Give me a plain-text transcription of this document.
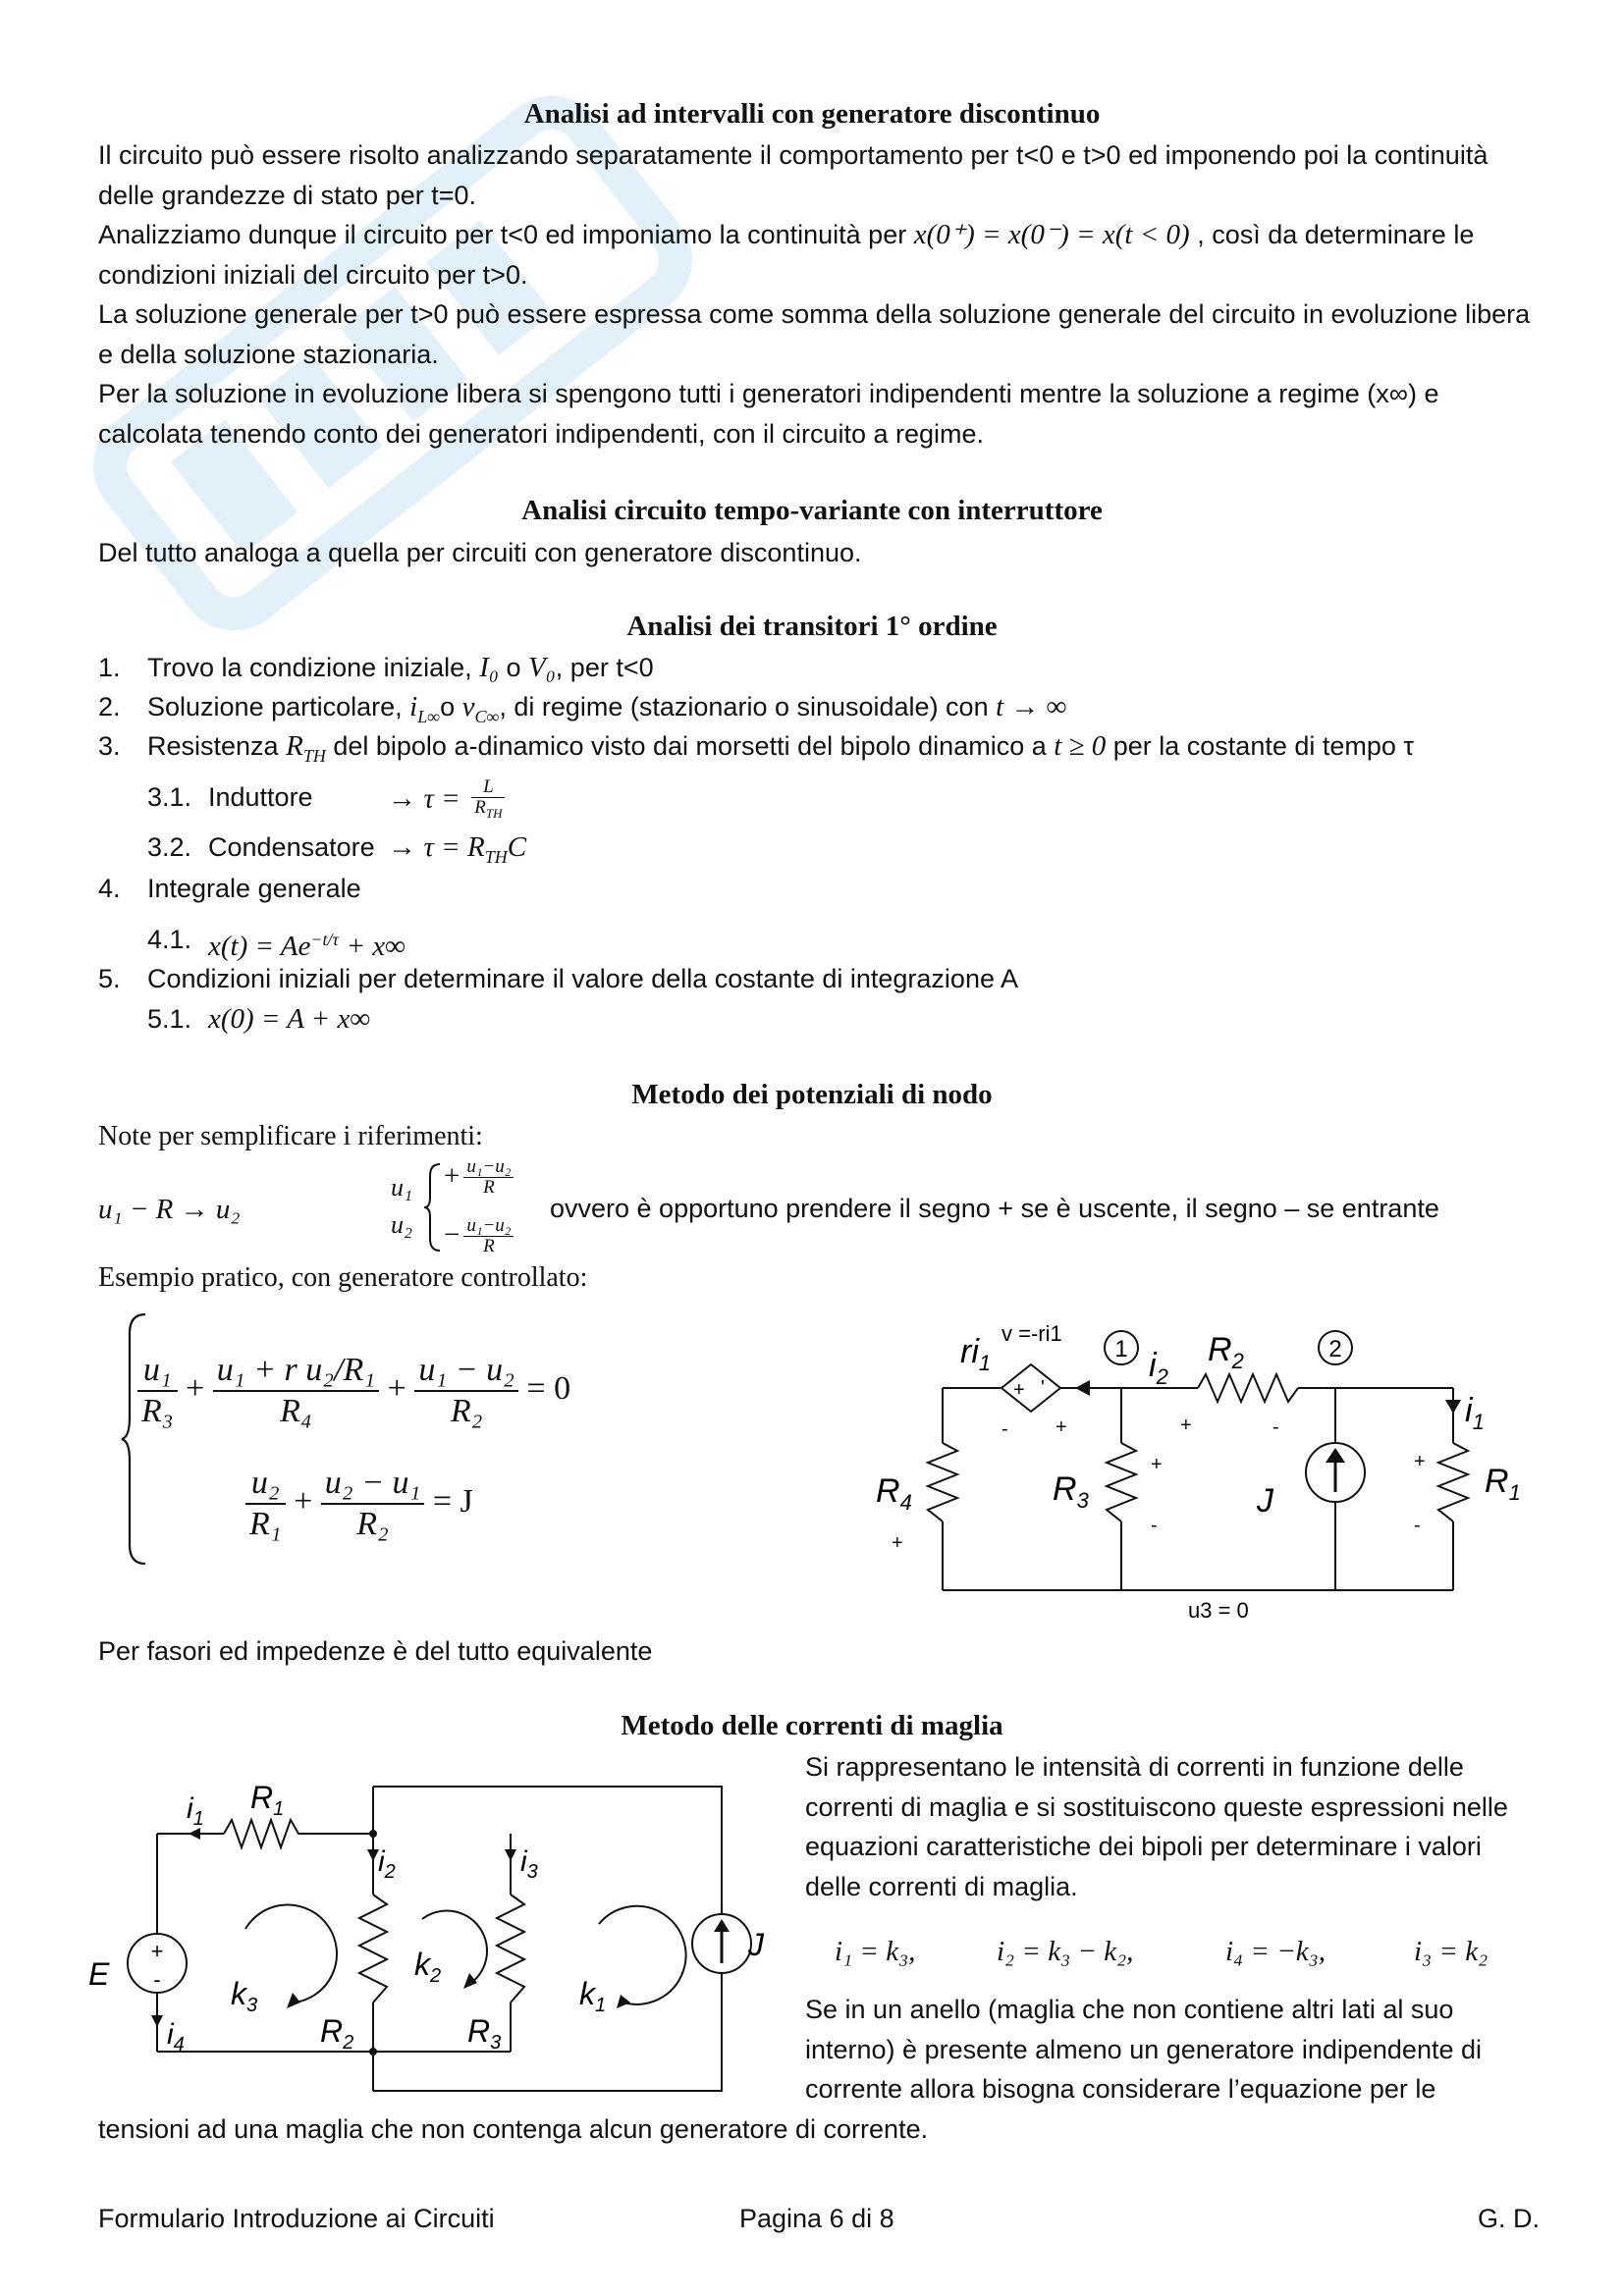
Analisi ad intervalli con generatore discontinuo
Il circuito può essere risolto analizzando separatamente il comportamento per t<0 e t>0 ed imponendo poi la continuità delle grandezze di stato per t=0.
Analizziamo dunque il circuito per t<0 ed imponiamo la continuità per x(0⁺) = x(0⁻) = x(t < 0) , così da determinare le condizioni iniziali del circuito per t>0.
La soluzione generale per t>0 può essere espressa come somma della soluzione generale del circuito in evoluzione libera e della soluzione stazionaria.
Per la soluzione in evoluzione libera si spengono tutti i generatori indipendenti mentre la soluzione a regime (x∞) e calcolata tenendo conto dei generatori indipendenti, con il circuito a regime.
Analisi circuito tempo-variante con interruttore
Del tutto analoga a quella per circuiti con generatore discontinuo.
Analisi dei transitori 1° ordine
1. Trovo la condizione iniziale, I₀ o V₀, per t<0
2. Soluzione particolare, $i_{L\infty}o$ $v_{C\infty}$, di regime (stazionario o sinusoidale) con t → ∞
3. Resistenza $R_{TH}$ del bipolo a-dinamico visto dai morsetti del bipolo dinamico a t ≥ 0 per la costante di tempo τ
3.1. Induttore	→ $\tau = \frac{L}{R_{TH}}$
3.2. Condensatore → $\tau = R_{TH}C$
4. Integrale generale
4.1. $x(t) = Ae^{-t/\tau} + x\infty$
5. Condizioni iniziali per determinare il valore della costante di integrazione A
5.1. x(0) = A + x∞
Metodo dei potenziali di nodo
Note per semplificare i riferimenti:
u₁ − R → u₂
u₁
u₂
+ $\frac{\text{u₁−u₂}}{R}$
− $\frac{\text{u₁−u₂}}{R}$
ovvero è opportuno prendere il segno + se è uscente, il segno – se entrante
Esempio pratico, con generatore controllato:
$\frac{\text{u₁}}{\text{R₃}} + \frac{\text{u₁ + r u₂/R₁}}{\text{R₄}} + \frac{\text{u₁ − u₂}}{\text{R₂}} = 0$
$\frac{\text{u₂}}{\text{R₁}} + \frac{\text{u₂ − u₁}}{\text{R₂}} = J$
+ '
1	2
$ri_1$
v =-ri1
$i_2$
$R_2$
$i_1$
$R_4$	$R_3$	J
$R_1$
u3 = 0
- +
+
+
-
+	-
+
-
Per fasori ed impedenze è del tutto equivalente
Metodo delle correnti di maglia
+
-
$i_1$
$R_1$
$i_2$	$i_3$
E
$k_3$
$k_2$	$k_1$
$R_2$	$R_3$
J
$i_4$
Si rappresentano le intensità di correnti in funzione delle correnti di maglia e si sostituiscono queste espressioni nelle equazioni caratteristiche dei bipoli per determinare i valori delle correnti di maglia.
i₁ = k₃,	i₂ = k₃ − k₂,	i₄ = −k₃,	i₃ = k₂
Se in un anello (maglia che non contiene altri lati al suo interno) è presente almeno un generatore indipendente di corrente allora bisogna considerare l’equazione per le
tensioni ad una maglia che non contenga alcun generatore di corrente.
Formulario Introduzione ai Circuiti	Pagina 6 di 8	G. D.
